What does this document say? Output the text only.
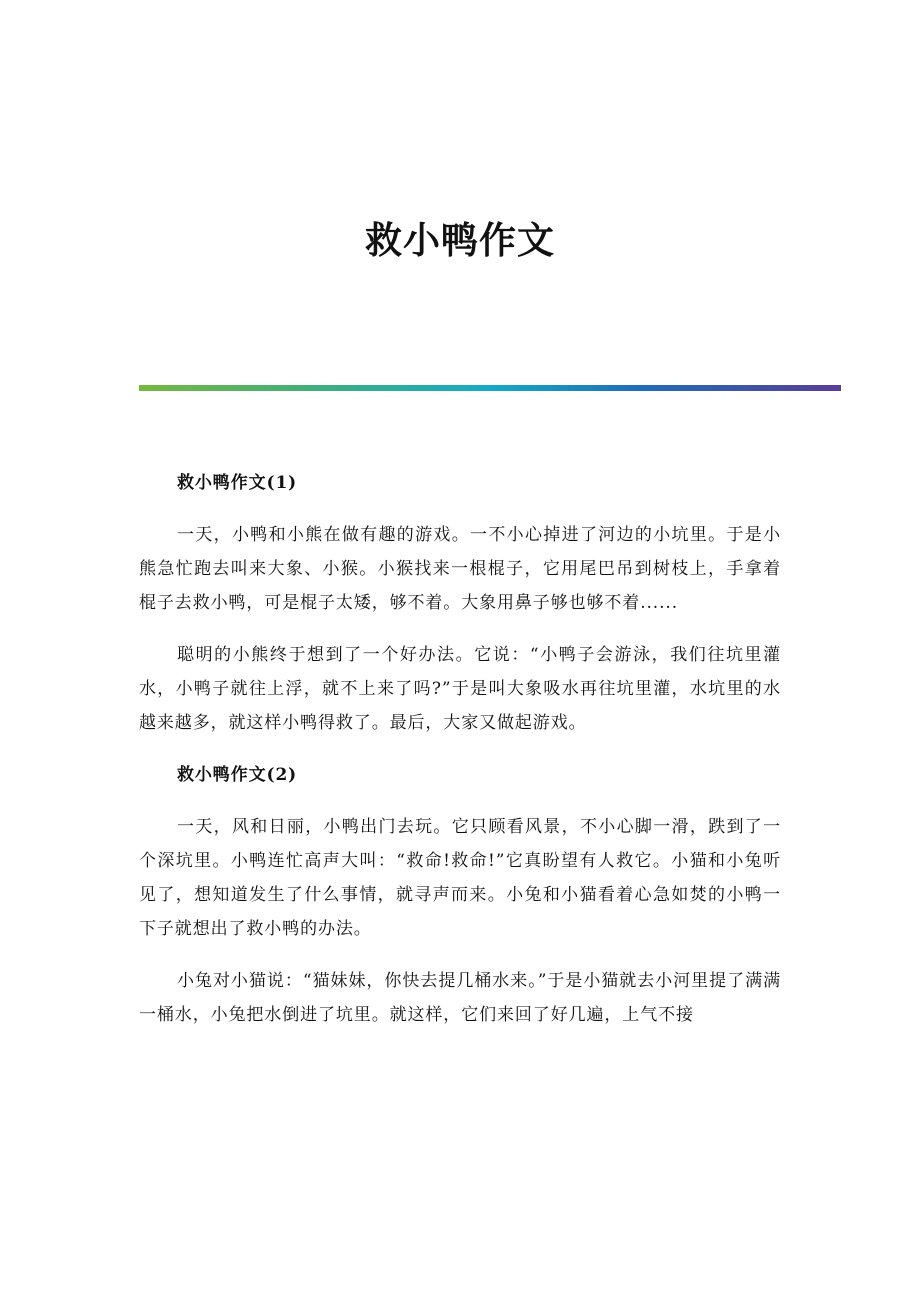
救小鸭作文

救小鸭作文(1)

一天，小鸭和小熊在做有趣的游戏。一不小心掉进了河边的小坑里。于是小熊急忙跑去叫来大象、小猴。小猴找来一根棍子，它用尾巴吊到树枝上，手拿着棍子去救小鸭，可是棍子太矮，够不着。大象用鼻子够也够不着......

聪明的小熊终于想到了一个好办法。它说：“小鸭子会游泳，我们往坑里灌水，小鸭子就往上浮，就不上来了吗?”于是叫大象吸水再往坑里灌，水坑里的水越来越多，就这样小鸭得救了。最后，大家又做起游戏。

救小鸭作文(2)

一天，风和日丽，小鸭出门去玩。它只顾看风景，不小心脚一滑，跌到了一个深坑里。小鸭连忙高声大叫：“救命!救命!”它真盼望有人救它。小猫和小兔听见了，想知道发生了什么事情，就寻声而来。小兔和小猫看着心急如焚的小鸭一下子就想出了救小鸭的办法。

小兔对小猫说：“猫妹妹，你快去提几桶水来。”于是小猫就去小河里提了满满一桶水，小兔把水倒进了坑里。就这样，它们来回了好几遍，上气不接
